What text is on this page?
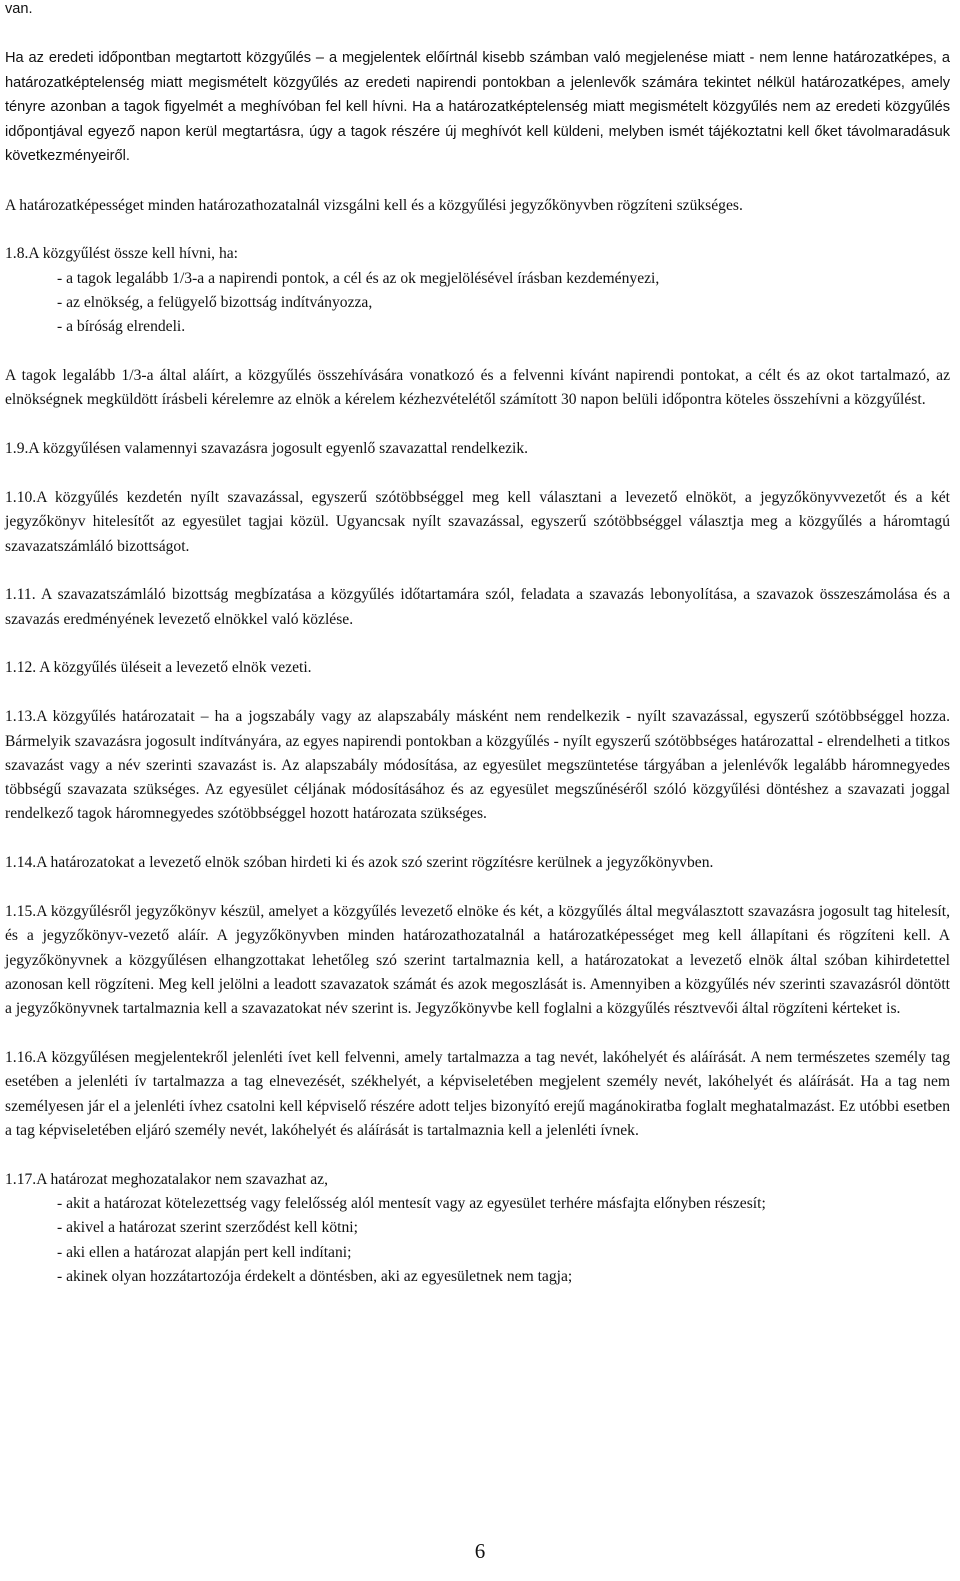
van.

Ha az eredeti időpontban megtartott közgyűlés – a megjelentek előírtnál kisebb számban való megjelenése miatt - nem lenne határozatképes, a határozatképtelenség miatt megismételt közgyűlés az eredeti napirendi pontokban a jelenlevők számára tekintet nélkül határozatképes, amely tényre azonban a tagok figyelmét a meghívóban fel kell hívni. Ha a határozatképtelenség miatt megismételt közgyűlés nem az eredeti közgyűlés időpontjával egyező napon kerül megtartásra, úgy a tagok részére új meghívót kell küldeni, melyben ismét tájékoztatni kell őket távolmaradásuk következményeiről.

A határozatképességet minden határozathozatalnál vizsgálni kell és a közgyűlési jegyzőkönyvben rögzíteni szükséges.

1.8.A közgyűlést össze kell hívni, ha:

- a tagok legalább 1/3-a a napirendi pontok, a cél és az ok megjelölésével írásban kezdeményezi,

- az elnökség, a felügyelő bizottság indítványozza,

- a bíróság elrendeli.

A tagok legalább 1/3-a által aláírt, a közgyűlés összehívására vonatkozó és a felvenni kívánt napirendi pontokat, a célt és az okot tartalmazó, az elnökségnek megküldött írásbeli kérelemre az elnök a kérelem kézhezvételétől számított 30 napon belüli időpontra köteles összehívni a közgyűlést.

1.9.A közgyűlésen valamennyi szavazásra jogosult egyenlő szavazattal rendelkezik.

1.10.A közgyűlés kezdetén nyílt szavazással, egyszerű szótöbbséggel meg kell választani a levezető elnököt, a jegyzőkönyvvezetőt és a két jegyzőkönyv hitelesítőt az egyesület tagjai közül. Ugyancsak nyílt szavazással, egyszerű szótöbbséggel választja meg a közgyűlés a háromtagú szavazatszámláló bizottságot.

1.11. A szavazatszámláló bizottság megbízatása a közgyűlés időtartamára szól, feladata a szavazás lebonyolítása, a szavazok összeszámolása és a szavazás eredményének levezető elnökkel való közlése.

1.12. A közgyűlés üléseit a levezető elnök vezeti.

1.13.A közgyűlés határozatait – ha a jogszabály vagy az alapszabály másként nem rendelkezik - nyílt szavazással, egyszerű szótöbbséggel hozza. Bármelyik szavazásra jogosult indítványára, az egyes napirendi pontokban a közgyűlés - nyílt egyszerű szótöbbséges határozattal - elrendelheti a titkos szavazást vagy a név szerinti szavazást is. Az alapszabály módosítása, az egyesület megszüntetése tárgyában a jelenlévők legalább háromnegyedes többségű szavazata szükséges. Az egyesület céljának módosításához és az egyesület megszűnéséről szóló közgyűlési döntéshez a szavazati joggal rendelkező tagok háromnegyedes szótöbbséggel hozott határozata szükséges.

1.14.A határozatokat a levezető elnök szóban hirdeti ki és azok szó szerint rögzítésre kerülnek a jegyzőkönyvben.

1.15.A közgyűlésről jegyzőkönyv készül, amelyet a közgyűlés levezető elnöke és két, a közgyűlés által megválasztott szavazásra jogosult tag hitelesít, és a jegyzőkönyv-vezető aláír. A jegyzőkönyvben minden határozathozatalnál a határozatképességet meg kell állapítani és rögzíteni kell. A jegyzőkönyvnek a közgyűlésen elhangzottakat lehetőleg szó szerint tartalmaznia kell, a határozatokat a levezető elnök által szóban kihirdetettel azonosan kell rögzíteni. Meg kell jelölni a leadott szavazatok számát és azok megoszlását is. Amennyiben a közgyűlés név szerinti szavazásról döntött a jegyzőkönyvnek tartalmaznia kell a szavazatokat név szerint is. Jegyzőkönyvbe kell foglalni a közgyűlés résztvevői által rögzíteni kérteket is.

1.16.A közgyűlésen megjelentekről jelenléti ívet kell felvenni, amely tartalmazza a tag nevét, lakóhelyét és aláírását. A nem természetes személy tag esetében a jelenléti ív tartalmazza a tag elnevezését, székhelyét, a képviseletében megjelent személy nevét, lakóhelyét és aláírását. Ha a tag nem személyesen jár el a jelenléti ívhez csatolni kell képviselő részére adott teljes bizonyító erejű magánokiratba foglalt meghatalmazást. Ez utóbbi esetben a tag képviseletében eljáró személy nevét, lakóhelyét és aláírását is tartalmaznia kell a jelenléti ívnek.

1.17.A határozat meghozatalakor nem szavazhat az,

- akit a határozat kötelezettség vagy felelősség alól mentesít vagy az egyesület terhére másfajta előnyben részesít;

- akivel a határozat szerint szerződést kell kötni;

- aki ellen a határozat alapján pert kell indítani;

- akinek olyan hozzátartozója érdekelt a döntésben, aki az egyesületnek nem tagja;

6
